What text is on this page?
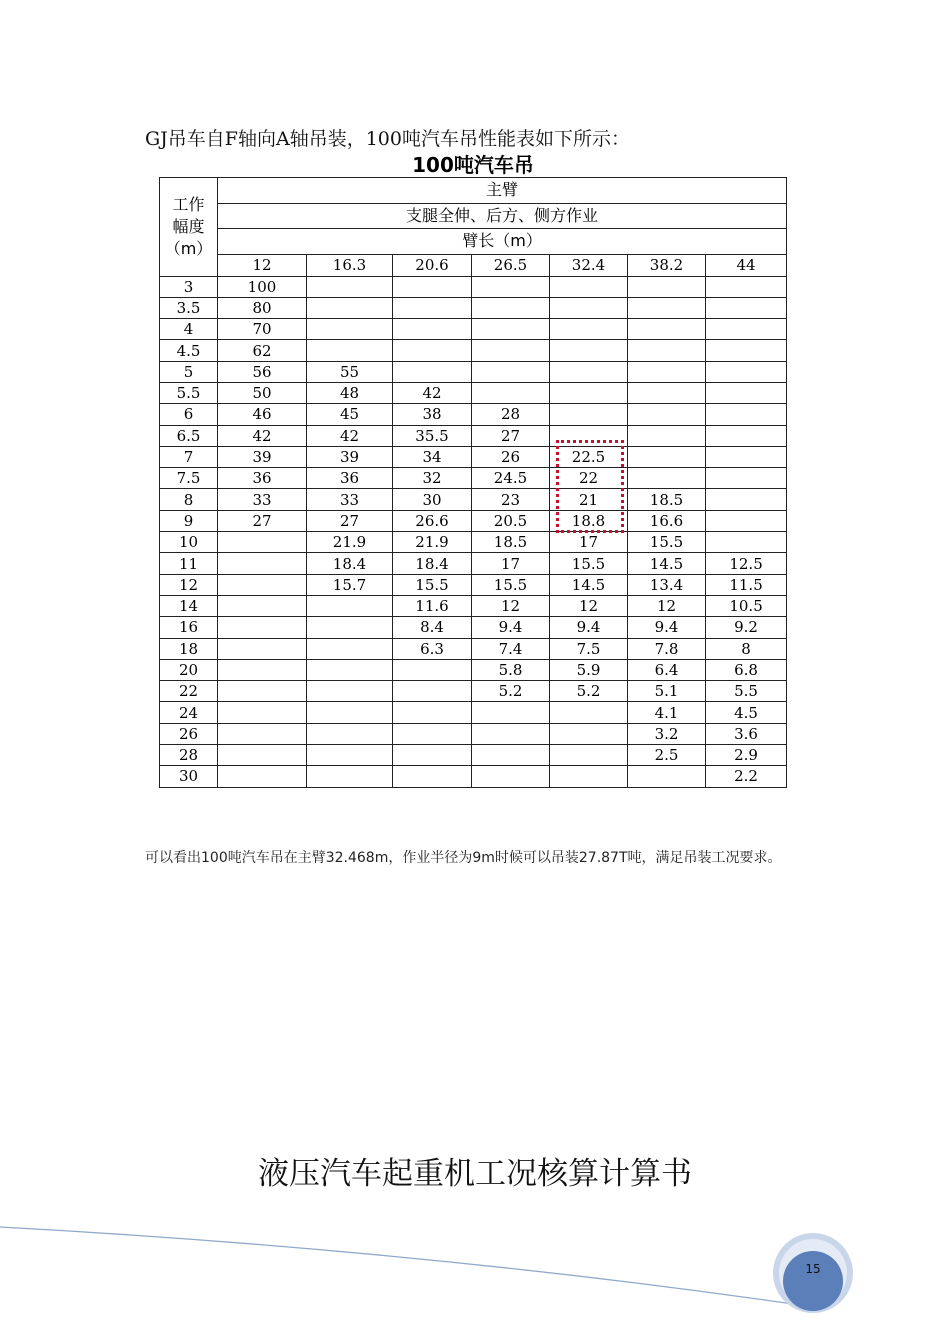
GJ吊车自F轴向A轴吊装，100吨汽车吊性能表如下所示：
100吨汽车吊
工作
幅度
（m）	主臂						
	支腿全伸、后方、侧方作业						
	臂长（m）						
	12	16.3	20.6	26.5	32.4	38.2	44
3	100						
3.5	80						
4	70						
4.5	62						
5	56	55					
5.5	50	48	42				
6	46	45	38	28			
6.5	42	42	35.5	27			
7	39	39	34	26	22.5		
7.5	36	36	32	24.5	22		
8	33	33	30	23	21	18.5	
9	27	27	26.6	20.5	18.8	16.6	
10		21.9	21.9	18.5	17	15.5	
11		18.4	18.4	17	15.5	14.5	12.5
12		15.7	15.5	15.5	14.5	13.4	11.5
14			11.6	12	12	12	10.5
16			8.4	9.4	9.4	9.4	9.2
18			6.3	7.4	7.5	7.8	8
20				5.8	5.9	6.4	6.8
22				5.2	5.2	5.1	5.5
24						4.1	4.5
26						3.2	3.6
28						2.5	2.9
30							2.2
可以看出100吨汽车吊在主臂32.468m，作业半径为9m时候可以吊装27.87T吨，满足吊装工况要求。
液压汽车起重机工况核算计算书
15
